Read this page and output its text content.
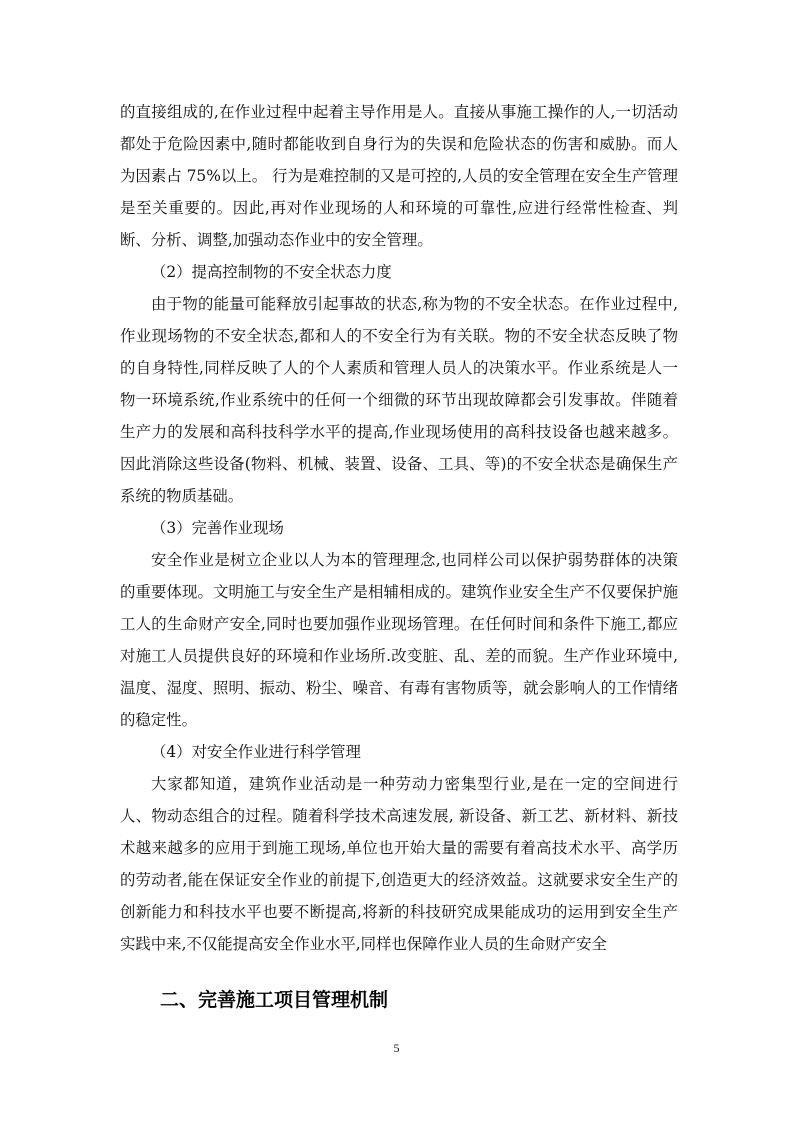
的直接组成的,在作业过程中起着主导作用是人。直接从事施工操作的人,一切活动都处于危险因素中,随时都能收到自身行为的失误和危险状态的伤害和威胁。而人为因素占 75%以上。 行为是难控制的又是可控的,人员的安全管理在安全生产管理是至关重要的。因此,再对作业现场的人和环境的可靠性,应进行经常性检查、判断、分析、调整,加强动态作业中的安全管理。

（2）提高控制物的不安全状态力度

由于物的能量可能释放引起事故的状态,称为物的不安全状态。在作业过程中,作业现场物的不安全状态,都和人的不安全行为有关联。物的不安全状态反映了物的自身特性,同样反映了人的个人素质和管理人员人的决策水平。作业系统是人一物一环境系统,作业系统中的任何一个细微的环节出现故障都会引发事故。伴随着生产力的发展和高科技科学水平的提高,作业现场使用的高科技设备也越来越多。因此消除这些设备(物料、机械、装置、设备、工具、等)的不安全状态是确保生产系统的物质基础。

（3）完善作业现场

安全作业是树立企业以人为本的管理理念,也同样公司以保护弱势群体的决策的重要体现。文明施工与安全生产是相辅相成的。建筑作业安全生产不仅要保护施工人的生命财产安全,同时也要加强作业现场管理。在任何时间和条件下施工,都应对施工人员提供良好的环境和作业场所.改变脏、乱、差的而貌。生产作业环境中,温度、湿度、照明、振动、粉尘、噪音、有毒有害物质等，就会影响人的工作情绪的稳定性。

（4）对安全作业进行科学管理

大家都知道，建筑作业活动是一种劳动力密集型行业,是在一定的空间进行人、物动态组合的过程。随着科学技术高速发展, 新设备、新工艺、新材料、新技术越来越多的应用于到施工现场,单位也开始大量的需要有着高技术水平、高学历的劳动者,能在保证安全作业的前提下,创造更大的经济效益。这就要求安全生产的创新能力和科技水平也要不断提高,将新的科技研究成果能成功的运用到安全生产实践中来,不仅能提高安全作业水平,同样也保障作业人员的生命财产安全

二、完善施工项目管理机制
5
